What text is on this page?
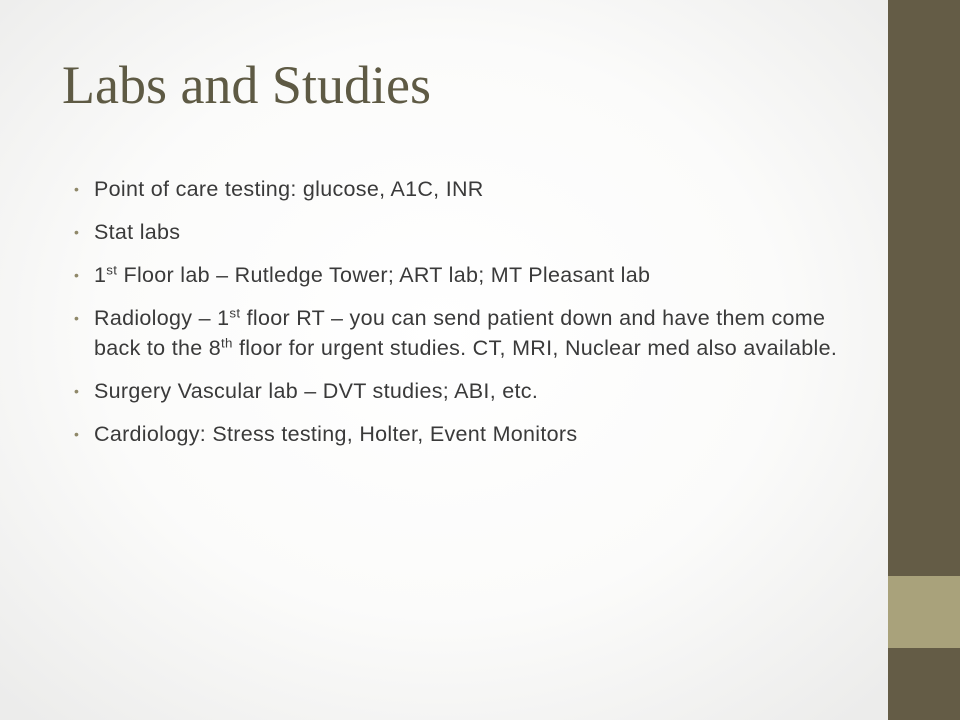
Labs and Studies
• Point of care testing: glucose, A1C, INR
• Stat labs
• 1st Floor lab – Rutledge Tower; ART lab; MT Pleasant lab
• Radiology – 1st floor RT – you can send patient down and have them come back to the 8th floor for urgent studies. CT, MRI, Nuclear med also available.
• Surgery Vascular lab – DVT studies; ABI, etc.
• Cardiology: Stress testing, Holter, Event Monitors
